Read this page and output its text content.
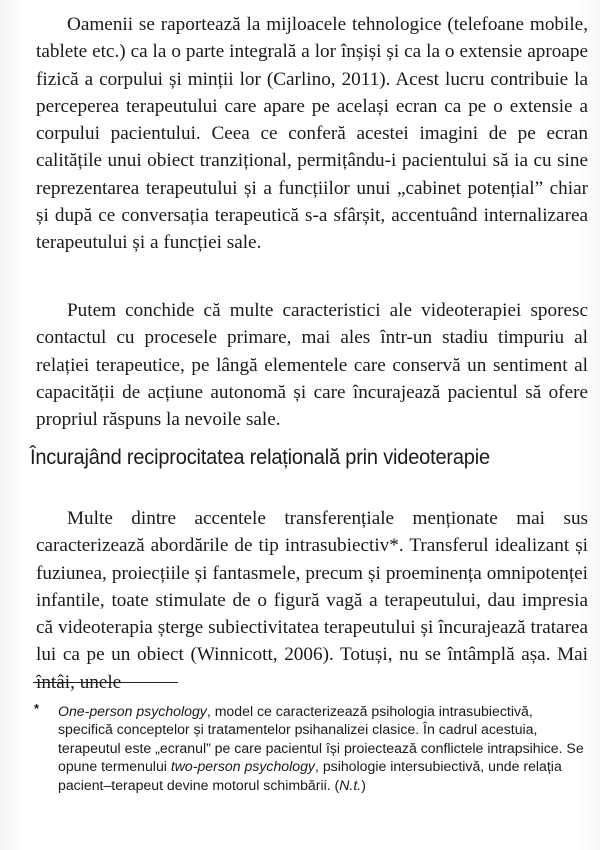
Oamenii se raportează la mijloacele tehnologice (telefoane mobile, tablete etc.) ca la o parte integrală a lor înșiși și ca la o extensie aproape fizică a corpului și minții lor (Carlino, 2011). Acest lucru contribuie la perceperea terapeutului care apare pe același ecran ca pe o extensie a corpului pacientului. Ceea ce conferă acestei imagini de pe ecran calitățile unui obiect tranzițional, permițându-i pacientului să ia cu sine reprezentarea terapeutului și a funcțiilor unui „cabinet potențial” chiar și după ce conversația terapeutică s-a sfârșit, accentuând internalizarea terapeutului și a funcției sale.

Putem conchide că multe caracteristici ale videoterapiei sporesc contactul cu procesele primare, mai ales într-un stadiu timpuriu al relației terapeutice, pe lângă elementele care conservă un sentiment al capacității de acțiune autonomă și care încurajează pacientul să ofere propriul răspuns la nevoile sale.

Încurajând reciprocitatea relațională prin videoterapie

Multe dintre accentele transferențiale menționate mai sus caracterizează abordările de tip intrasubiectiv*. Transferul idealizant și fuziunea, proiecțiile și fantasmele, precum și proeminența omnipotenței infantile, toate stimulate de o figură vagă a terapeutului, dau impresia că videoterapia șterge subiectivitatea terapeutului și încurajează tratarea lui ca pe un obiect (Winnicott, 2006). Totuși, nu se întâmplă așa. Mai întâi, unele

* One-person psychology, model ce caracterizează psihologia intrasubiectivă, specifică conceptelor și tratamentelor psihanalizei clasice. În cadrul acestuia, terapeutul este „ecranul” pe care pacientul își proiectează conflictele intrapsihice. Se opune termenului two-person psychology, psihologie intersubiectivă, unde relația pacient–terapeut devine motorul schimbării. (N.t.)
